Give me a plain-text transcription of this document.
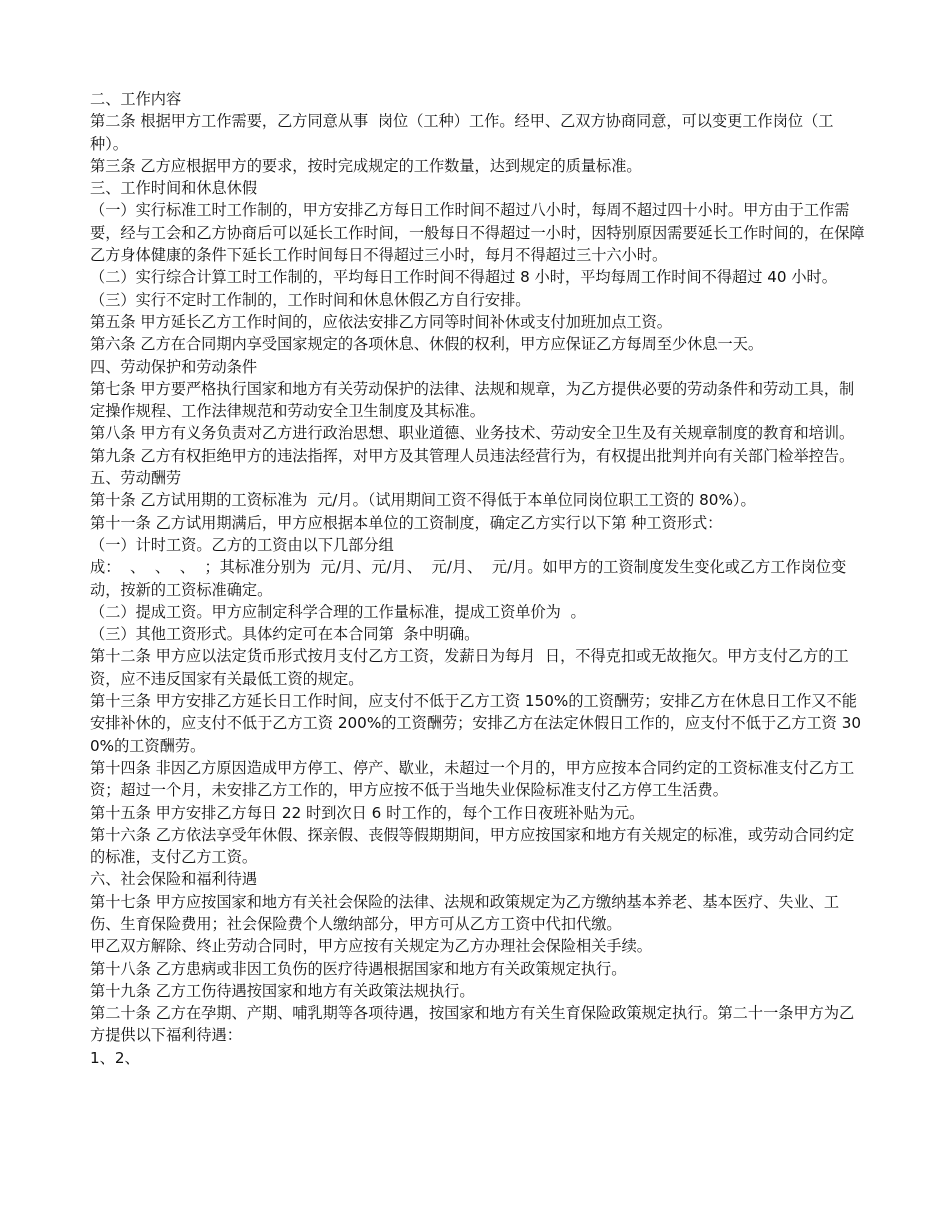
二、工作内容

第二条 根据甲方工作需要，乙方同意从事  岗位（工种）工作。经甲、乙双方协商同意，可以变更工作岗位（工种）。

第三条 乙方应根据甲方的要求，按时完成规定的工作数量，达到规定的质量标准。

三、工作时间和休息休假

（一）实行标准工时工作制的，甲方安排乙方每日工作时间不超过八小时，每周不超过四十小时。甲方由于工作需要，经与工会和乙方协商后可以延长工作时间，一般每日不得超过一小时，因特别原因需要延长工作时间的，在保障乙方身体健康的条件下延长工作时间每日不得超过三小时，每月不得超过三十六小时。

（二）实行综合计算工时工作制的，平均每日工作时间不得超过 8 小时，平均每周工作时间不得超过 40 小时。

（三）实行不定时工作制的，工作时间和休息休假乙方自行安排。

第五条 甲方延长乙方工作时间的，应依法安排乙方同等时间补休或支付加班加点工资。

第六条 乙方在合同期内享受国家规定的各项休息、休假的权利，甲方应保证乙方每周至少休息一天。

四、劳动保护和劳动条件

第七条 甲方要严格执行国家和地方有关劳动保护的法律、法规和规章，为乙方提供必要的劳动条件和劳动工具，制定操作规程、工作法律规范和劳动安全卫生制度及其标准。

第八条 甲方有义务负责对乙方进行政治思想、职业道德、业务技术、劳动安全卫生及有关规章制度的教育和培训。

第九条 乙方有权拒绝甲方的违法指挥，对甲方及其管理人员违法经营行为，有权提出批判并向有关部门检举控告。

五、劳动酬劳

第十条 乙方试用期的工资标准为  元/月。（试用期间工资不得低于本单位同岗位职工工资的 80%）。

第十一条 乙方试用期满后，甲方应根据本单位的工资制度，确定乙方实行以下第 种工资形式：

（一）计时工资。乙方的工资由以下几部分组

成：  、  、  、  ；其标准分别为  元/月、元/月、  元/月、  元/月。如甲方的工资制度发生变化或乙方工作岗位变动，按新的工资标准确定。

（二）提成工资。甲方应制定科学合理的工作量标准，提成工资单价为  。

（三）其他工资形式。具体约定可在本合同第  条中明确。

第十二条 甲方应以法定货币形式按月支付乙方工资，发薪日为每月  日，不得克扣或无故拖欠。甲方支付乙方的工资，应不违反国家有关最低工资的规定。

第十三条 甲方安排乙方延长日工作时间，应支付不低于乙方工资 150%的工资酬劳；安排乙方在休息日工作又不能安排补休的，应支付不低于乙方工资 200%的工资酬劳；安排乙方在法定休假日工作的，应支付不低于乙方工资 300%的工资酬劳。

第十四条 非因乙方原因造成甲方停工、停产、歇业，未超过一个月的，甲方应按本合同约定的工资标准支付乙方工资；超过一个月，未安排乙方工作的，甲方应按不低于当地失业保险标准支付乙方停工生活费。

第十五条 甲方安排乙方每日 22 时到次日 6 时工作的，每个工作日夜班补贴为元。

第十六条 乙方依法享受年休假、探亲假、丧假等假期期间，甲方应按国家和地方有关规定的标准，或劳动合同约定的标准，支付乙方工资。

六、社会保险和福利待遇

第十七条 甲方应按国家和地方有关社会保险的法律、法规和政策规定为乙方缴纳基本养老、基本医疗、失业、工伤、生育保险费用；社会保险费个人缴纳部分，甲方可从乙方工资中代扣代缴。

甲乙双方解除、终止劳动合同时，甲方应按有关规定为乙方办理社会保险相关手续。

第十八条 乙方患病或非因工负伤的医疗待遇根据国家和地方有关政策规定执行。

第十九条 乙方工伤待遇按国家和地方有关政策法规执行。

第二十条 乙方在孕期、产期、哺乳期等各项待遇，按国家和地方有关生育保险政策规定执行。第二十一条甲方为乙方提供以下福利待遇：

1、2、
